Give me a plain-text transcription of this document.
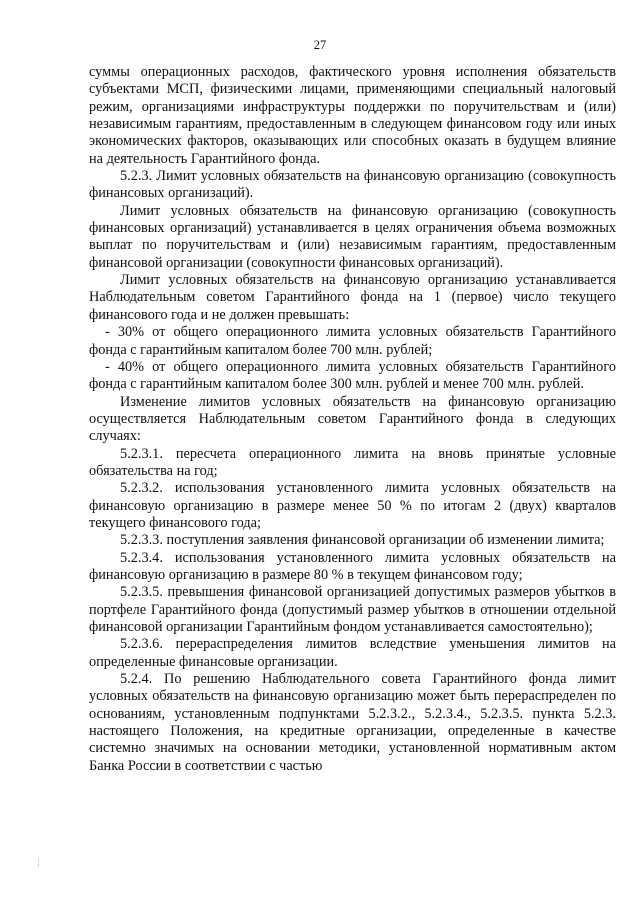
27

суммы операционных расходов, фактического уровня исполнения обязательств субъектами МСП, физическими лицами, применяющими специальный налоговый режим, организациями инфраструктуры поддержки по поручительствам и (или) независимым гарантиям, предоставленным в следующем финансовом году или иных экономических факторов, оказывающих или способных оказать в будущем влияние на деятельность Гарантийного фонда.

5.2.3. Лимит условных обязательств на финансовую организацию (совокупность финансовых организаций).

Лимит условных обязательств на финансовую организацию (совокупность финансовых организаций) устанавливается в целях ограничения объема возможных выплат по поручительствам и (или) независимым гарантиям, предоставленным финансовой организации (совокупности финансовых организаций).

Лимит условных обязательств на финансовую организацию устанавливается Наблюдательным советом Гарантийного фонда на 1 (первое) число текущего финансового года и не должен превышать:

- 30% от общего операционного лимита условных обязательств Гарантийного фонда с гарантийным капиталом более 700 млн. рублей;

- 40% от общего операционного лимита условных обязательств Гарантийного фонда с гарантийным капиталом более 300 млн. рублей и менее 700 млн. рублей.

Изменение лимитов условных обязательств на финансовую организацию осуществляется Наблюдательным советом Гарантийного фонда в следующих случаях:

5.2.3.1. пересчета операционного лимита на вновь принятые условные обязательства на год;

5.2.3.2. использования установленного лимита условных обязательств на финансовую организацию в размере менее 50 % по итогам 2 (двух) кварталов текущего финансового года;

5.2.3.3. поступления заявления финансовой организации об изменении лимита;

5.2.3.4. использования установленного лимита условных обязательств на финансовую организацию в размере 80 % в текущем финансовом году;

5.2.3.5. превышения финансовой организацией допустимых размеров убытков в портфеле Гарантийного фонда (допустимый размер убытков в отношении отдельной финансовой организации Гарантийным фондом устанавливается самостоятельно);

5.2.3.6. перераспределения лимитов вследствие уменьшения лимитов на определенные финансовые организации.

5.2.4. По решению Наблюдательного совета Гарантийного фонда лимит условных обязательств на финансовую организацию может быть перераспределен по основаниям, установленным подпунктами 5.2.3.2., 5.2.3.4., 5.2.3.5. пункта 5.2.3. настоящего Положения, на кредитные организации, определенные в качестве системно значимых на основании методики, установленной нормативным актом Банка России в соответствии с частью
